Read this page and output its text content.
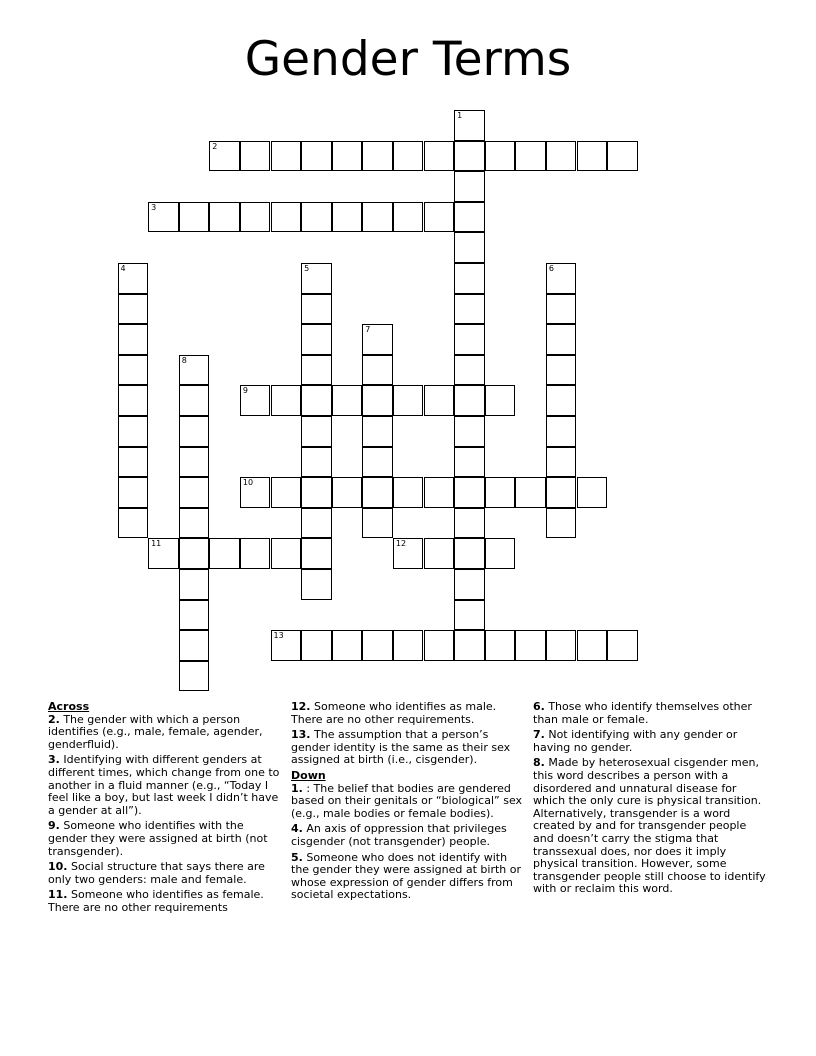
Gender Terms
1
2
3
4	5	6
7
8
9
10
11	12
13
Across
2. The gender with which a person identifies (e.g., male, female, agender, genderfluid).
3. Identifying with different genders at different times, which change from one to another in a fluid manner (e.g., “Today I feel like a boy, but last week I didn’t have a gender at all”).
9. Someone who identifies with the gender they were assigned at birth (not transgender).
10. Social structure that says there are only two genders: male and female.
11. Someone who identifies as female. There are no other requirements
12. Someone who identifies as male. There are no other requirements.
13. The assumption that a person’s gender identity is the same as their sex assigned at birth (i.e., cisgender).
Down
1. : The belief that bodies are gendered based on their genitals or “biological” sex (e.g., male bodies or female bodies).
4. An axis of oppression that privileges cisgender (not transgender) people.
5. Someone who does not identify with the gender they were assigned at birth or whose expression of gender differs from societal expectations.
6. Those who identify themselves other than male or female.
7. Not identifying with any gender or having no gender.
8. Made by heterosexual cisgender men, this word describes a person with a disordered and unnatural disease for which the only cure is physical transition. Alternatively, transgender is a word created by and for transgender people and doesn’t carry the stigma that transsexual does, nor does it imply physical transition. However, some transgender people still choose to identify with or reclaim this word.
